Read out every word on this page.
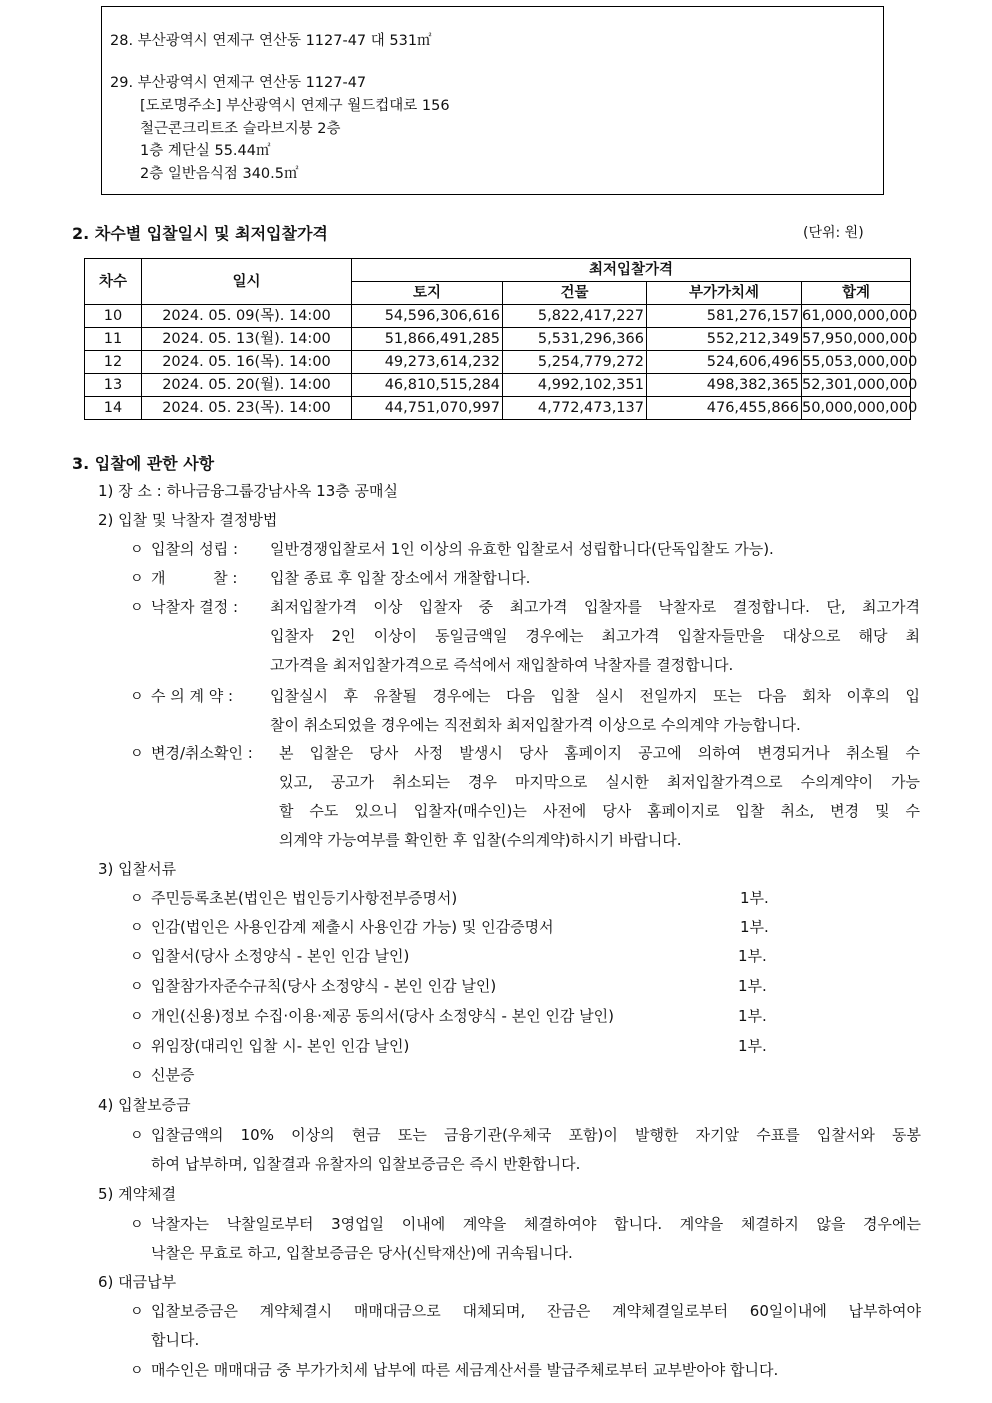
28. 부산광역시 연제구 연산동 1127-47 대 531㎡
29. 부산광역시 연제구 연산동 1127-47
[도로명주소] 부산광역시 연제구 월드컵대로 156
철근콘크리트조 슬라브지붕 2층
1층 계단실 55.44㎡
2층 일반음식점 340.5㎡
2. 차수별 입찰일시 및 최저입찰가격	(단위: 원)
차수	일시	최저입찰가격			
		토지	건물	부가가치세	합계
10	2024. 05. 09(목). 14:00	54,596,306,616	5,822,417,227	581,276,157	61,000,000,000
11	2024. 05. 13(월). 14:00	51,866,491,285	5,531,296,366	552,212,349	57,950,000,000
12	2024. 05. 16(목). 14:00	49,273,614,232	5,254,779,272	524,606,496	55,053,000,000
13	2024. 05. 20(월). 14:00	46,810,515,284	4,992,102,351	498,382,365	52,301,000,000
14	2024. 05. 23(목). 14:00	44,751,070,997	4,772,473,137	476,455,866	50,000,000,000
3. 입찰에 관한 사항
1) 장 소 : 하나금융그룹강남사옥 13층 공매실
2) 입찰 및 낙찰자 결정방법
ㅇ 입찰의 성립 : 일반경쟁입찰로서 1인 이상의 유효한 입찰로서 성립합니다(단독입찰도 가능).
ㅇ 개          찰 : 입찰 종료 후 입찰 장소에서 개찰합니다.
ㅇ 낙찰자 결정 : 최저입찰가격 이상 입찰자 중 최고가격 입찰자를 낙찰자로 결정합니다. 단, 최고가격
입찰자 2인 이상이 동일금액일 경우에는 최고가격 입찰자들만을 대상으로 해당 최
고가격을 최저입찰가격으로 즉석에서 재입찰하여 낙찰자를 결정합니다.
ㅇ 수 의 계 약 : 입찰실시 후 유찰될 경우에는 다음 입찰 실시 전일까지 또는 다음 회차 이후의 입
찰이 취소되었을 경우에는 직전회차 최저입찰가격 이상으로 수의계약 가능합니다.
ㅇ 변경/취소확인 : 본 입찰은 당사 사정 발생시 당사 홈페이지 공고에 의하여 변경되거나 취소될 수
있고, 공고가 취소되는 경우 마지막으로 실시한 최저입찰가격으로 수의계약이 가능
할 수도 있으니 입찰자(매수인)는 사전에 당사 홈페이지로 입찰 취소, 변경 및 수
의계약 가능여부를 확인한 후 입찰(수의계약)하시기 바랍니다.
3) 입찰서류
ㅇ 주민등록초본(법인은 법인등기사항전부증명서)	1부.
ㅇ 인감(법인은 사용인감계 제출시 사용인감 가능) 및 인감증명서	1부.
ㅇ 입찰서(당사 소정양식 - 본인 인감 날인)	1부.
ㅇ 입찰참가자준수규칙(당사 소정양식 - 본인 인감 날인)	1부.
ㅇ 개인(신용)정보 수집·이용·제공 동의서(당사 소정양식 - 본인 인감 날인)	1부.
ㅇ 위임장(대리인 입찰 시- 본인 인감 날인)	1부.
ㅇ 신분증
4) 입찰보증금
ㅇ 입찰금액의 10% 이상의 현금 또는 금융기관(우체국 포함)이 발행한 자기앞 수표를 입찰서와 동봉
하여 납부하며, 입찰결과 유찰자의 입찰보증금은 즉시 반환합니다.
5) 계약체결
ㅇ 낙찰자는 낙찰일로부터 3영업일 이내에 계약을 체결하여야 합니다. 계약을 체결하지 않을 경우에는
낙찰은 무효로 하고, 입찰보증금은 당사(신탁재산)에 귀속됩니다.
6) 대금납부
ㅇ 입찰보증금은 계약체결시 매매대금으로 대체되며, 잔금은 계약체결일로부터 60일이내에 납부하여야
합니다.
ㅇ 매수인은 매매대금 중 부가가치세 납부에 따른 세금계산서를 발급주체로부터 교부받아야 합니다.
